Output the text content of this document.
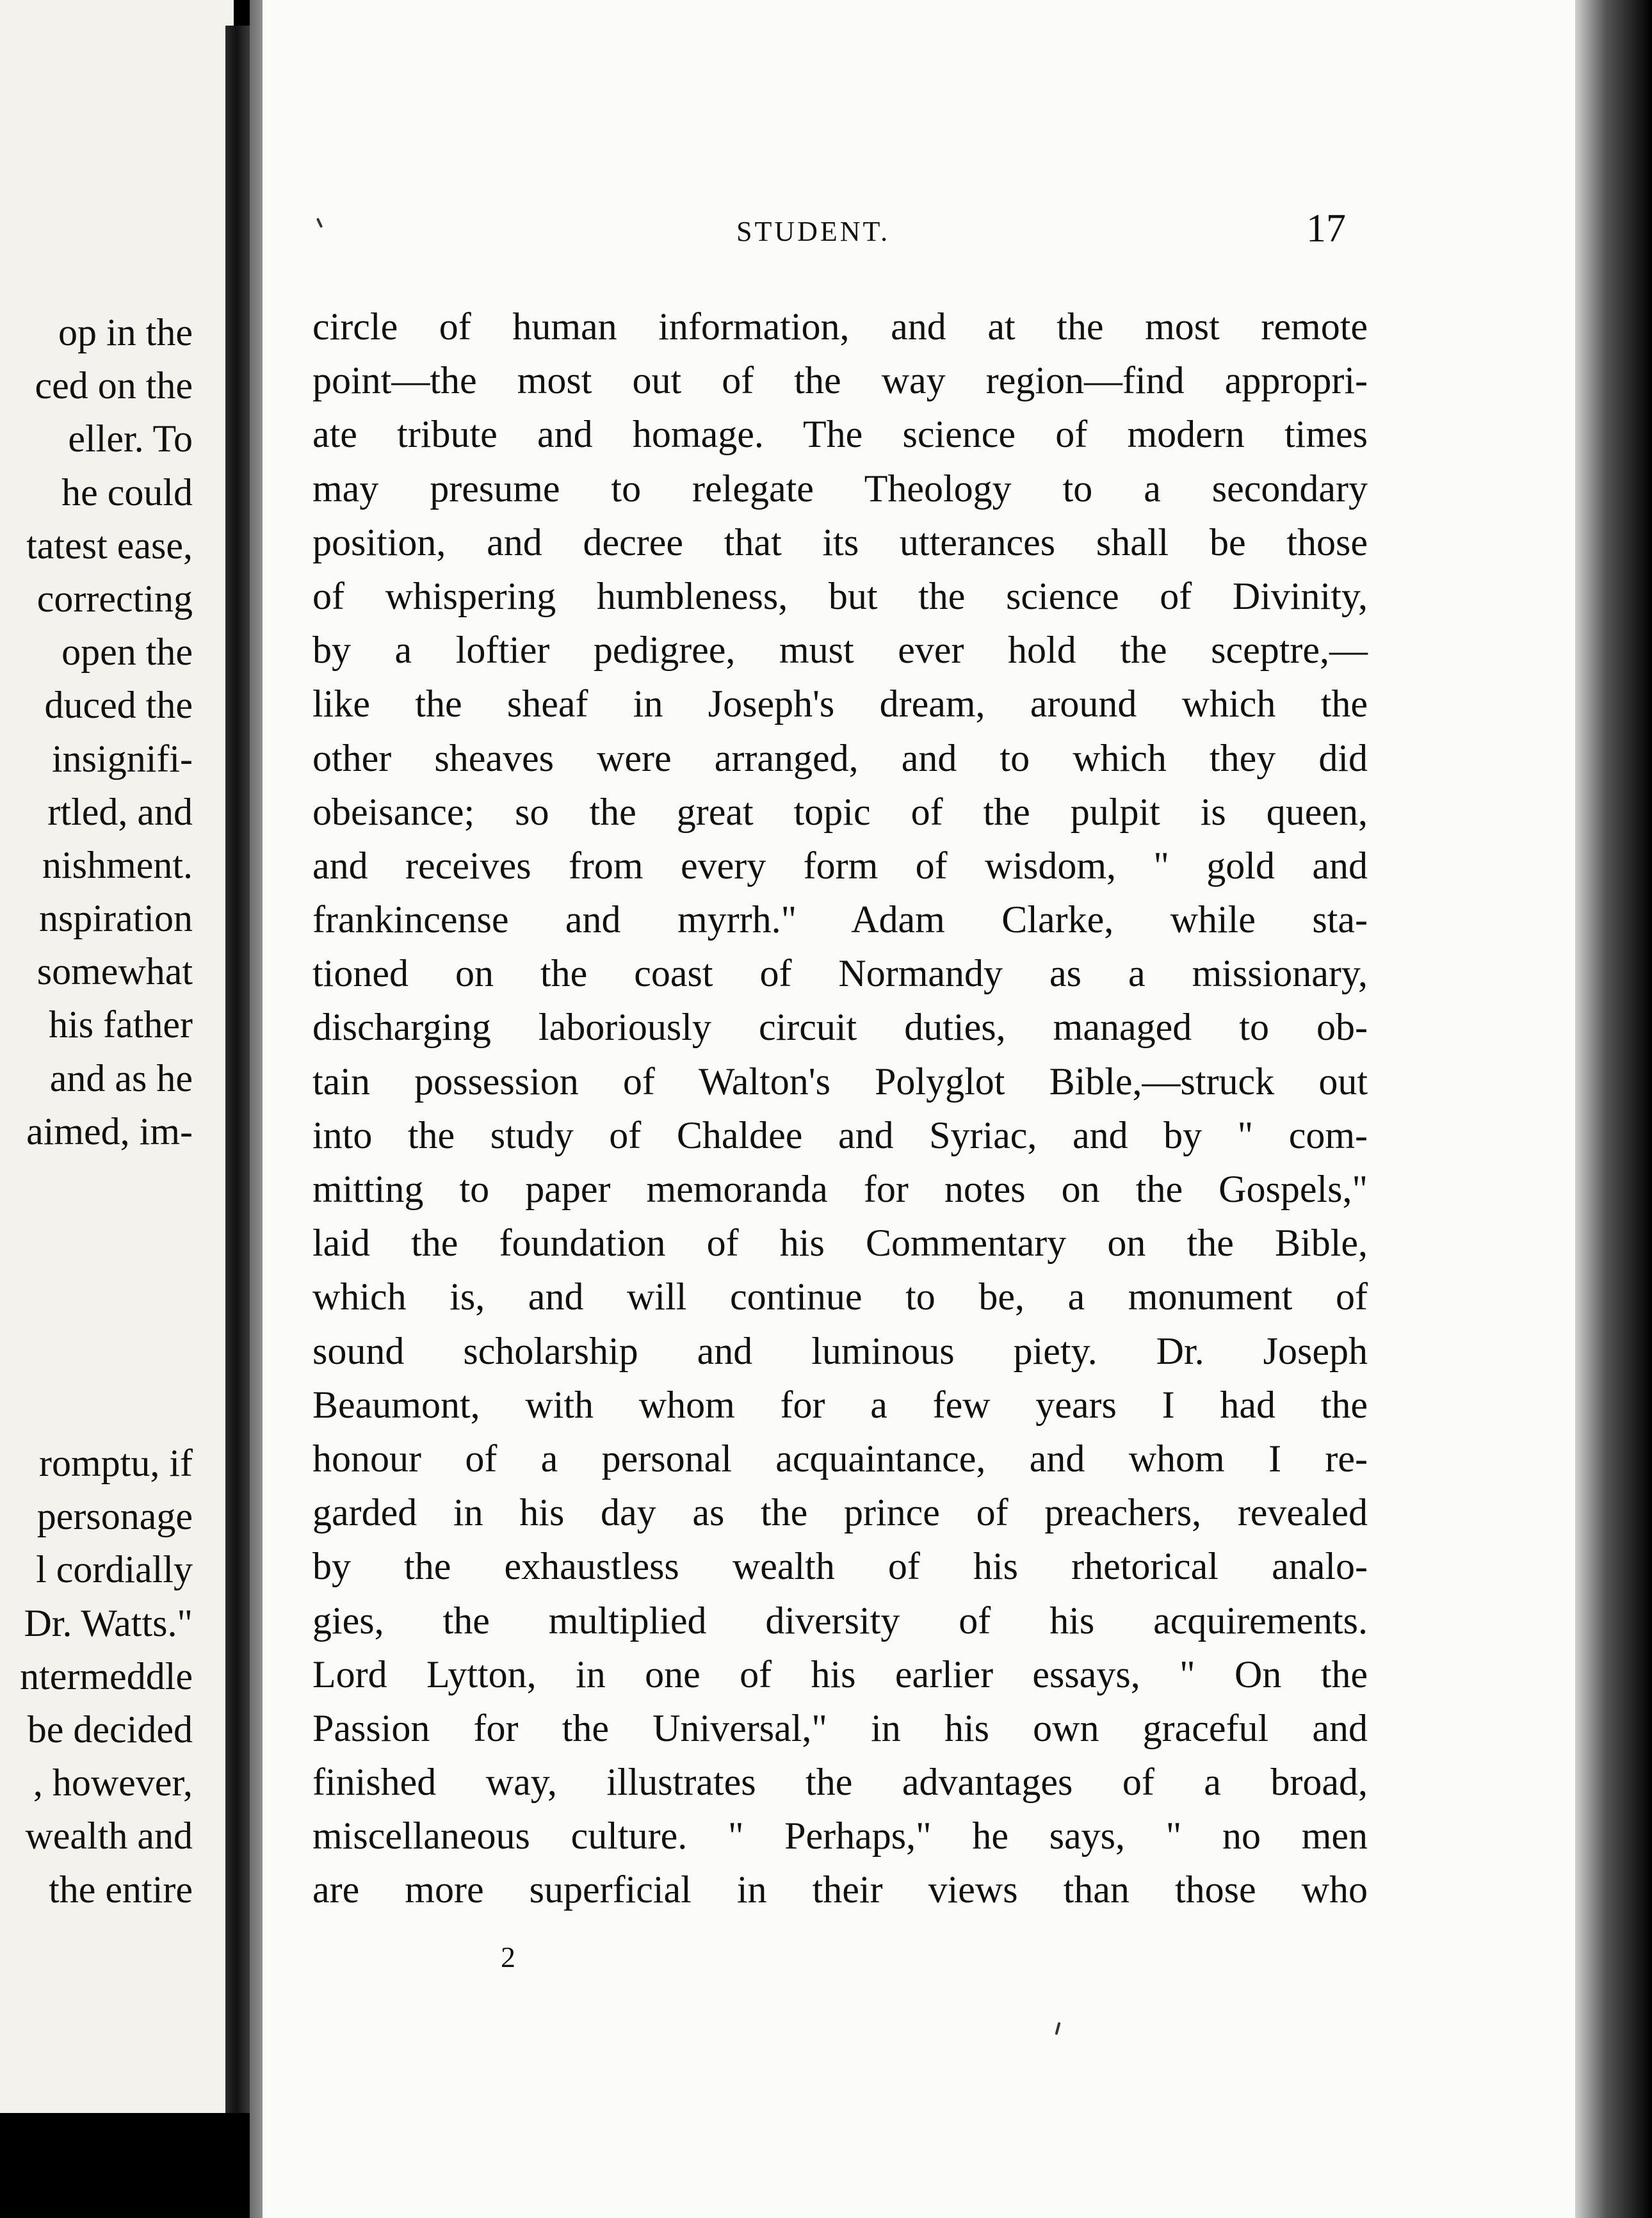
op in the
ced on the
eller. To
he could
tatest ease,
correcting
open the
duced the
insignifi-
rtled, and
nishment.
nspiration
somewhat
his father
and as he
aimed, im-
romptu, if
personage
l cordially
Dr. Watts."
ntermeddle
be decided
, however,
wealth and
the entire
STUDENT.	17
circle of human information, and at the most remote
point—the most out of the way region—find appropri-
ate tribute and homage. The science of modern times
may presume to relegate Theology to a secondary
position, and decree that its utterances shall be those
of whispering humbleness, but the science of Divinity,
by a loftier pedigree, must ever hold the sceptre,—
like the sheaf in Joseph's dream, around which the
other sheaves were arranged, and to which they did
obeisance; so the great topic of the pulpit is queen,
and receives from every form of wisdom, " gold and
frankincense and myrrh." Adam Clarke, while sta-
tioned on the coast of Normandy as a missionary,
discharging laboriously circuit duties, managed to ob-
tain possession of Walton's Polyglot Bible,—struck out
into the study of Chaldee and Syriac, and by " com-
mitting to paper memoranda for notes on the Gospels,"
laid the foundation of his Commentary on the Bible,
which is, and will continue to be, a monument of
sound scholarship and luminous piety. Dr. Joseph
Beaumont, with whom for a few years I had the
honour of a personal acquaintance, and whom I re-
garded in his day as the prince of preachers, revealed
by the exhaustless wealth of his rhetorical analo-
gies, the multiplied diversity of his acquirements.
Lord Lytton, in one of his earlier essays, " On the
Passion for the Universal," in his own graceful and
finished way, illustrates the advantages of a broad,
miscellaneous culture. " Perhaps," he says, " no men
are more superficial in their views than those who
2
